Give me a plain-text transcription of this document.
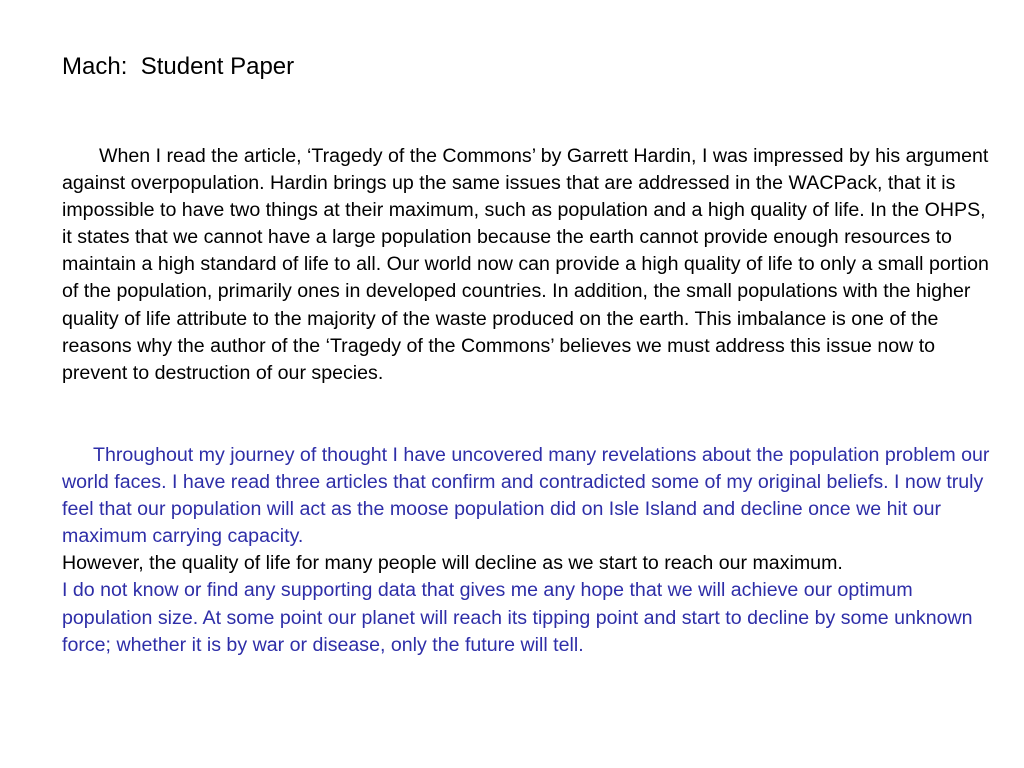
Mach:  Student Paper

When I read the article, ‘Tragedy of the Commons’ by Garrett Hardin, I was impressed by his argument against overpopulation. Hardin brings up the same issues that are addressed in the WACPack, that it is impossible to have two things at their maximum, such as population and a high quality of life. In the OHPS, it states that we cannot have a large population because the earth cannot provide enough resources to maintain a high standard of life to all. Our world now can provide a high quality of life to only a small portion of the population, primarily ones in developed countries. In addition, the small populations with the higher quality of life attribute to the majority of the waste produced on the earth. This imbalance is one of the reasons why the author of the ‘Tragedy of the Commons’ believes we must address this issue now to prevent to destruction of our species.

Throughout my journey of thought I have uncovered many revelations about the population problem our world faces. I have read three articles that confirm and contradicted some of my original beliefs. I now truly feel that our population will act as the moose population did on Isle Island and decline once we hit our maximum carrying capacity.
However, the quality of life for many people will decline as we start to reach our maximum.
I do not know or find any supporting data that gives me any hope that we will achieve our optimum population size. At some point our planet will reach its tipping point and start to decline by some unknown force; whether it is by war or disease, only the future will tell.
